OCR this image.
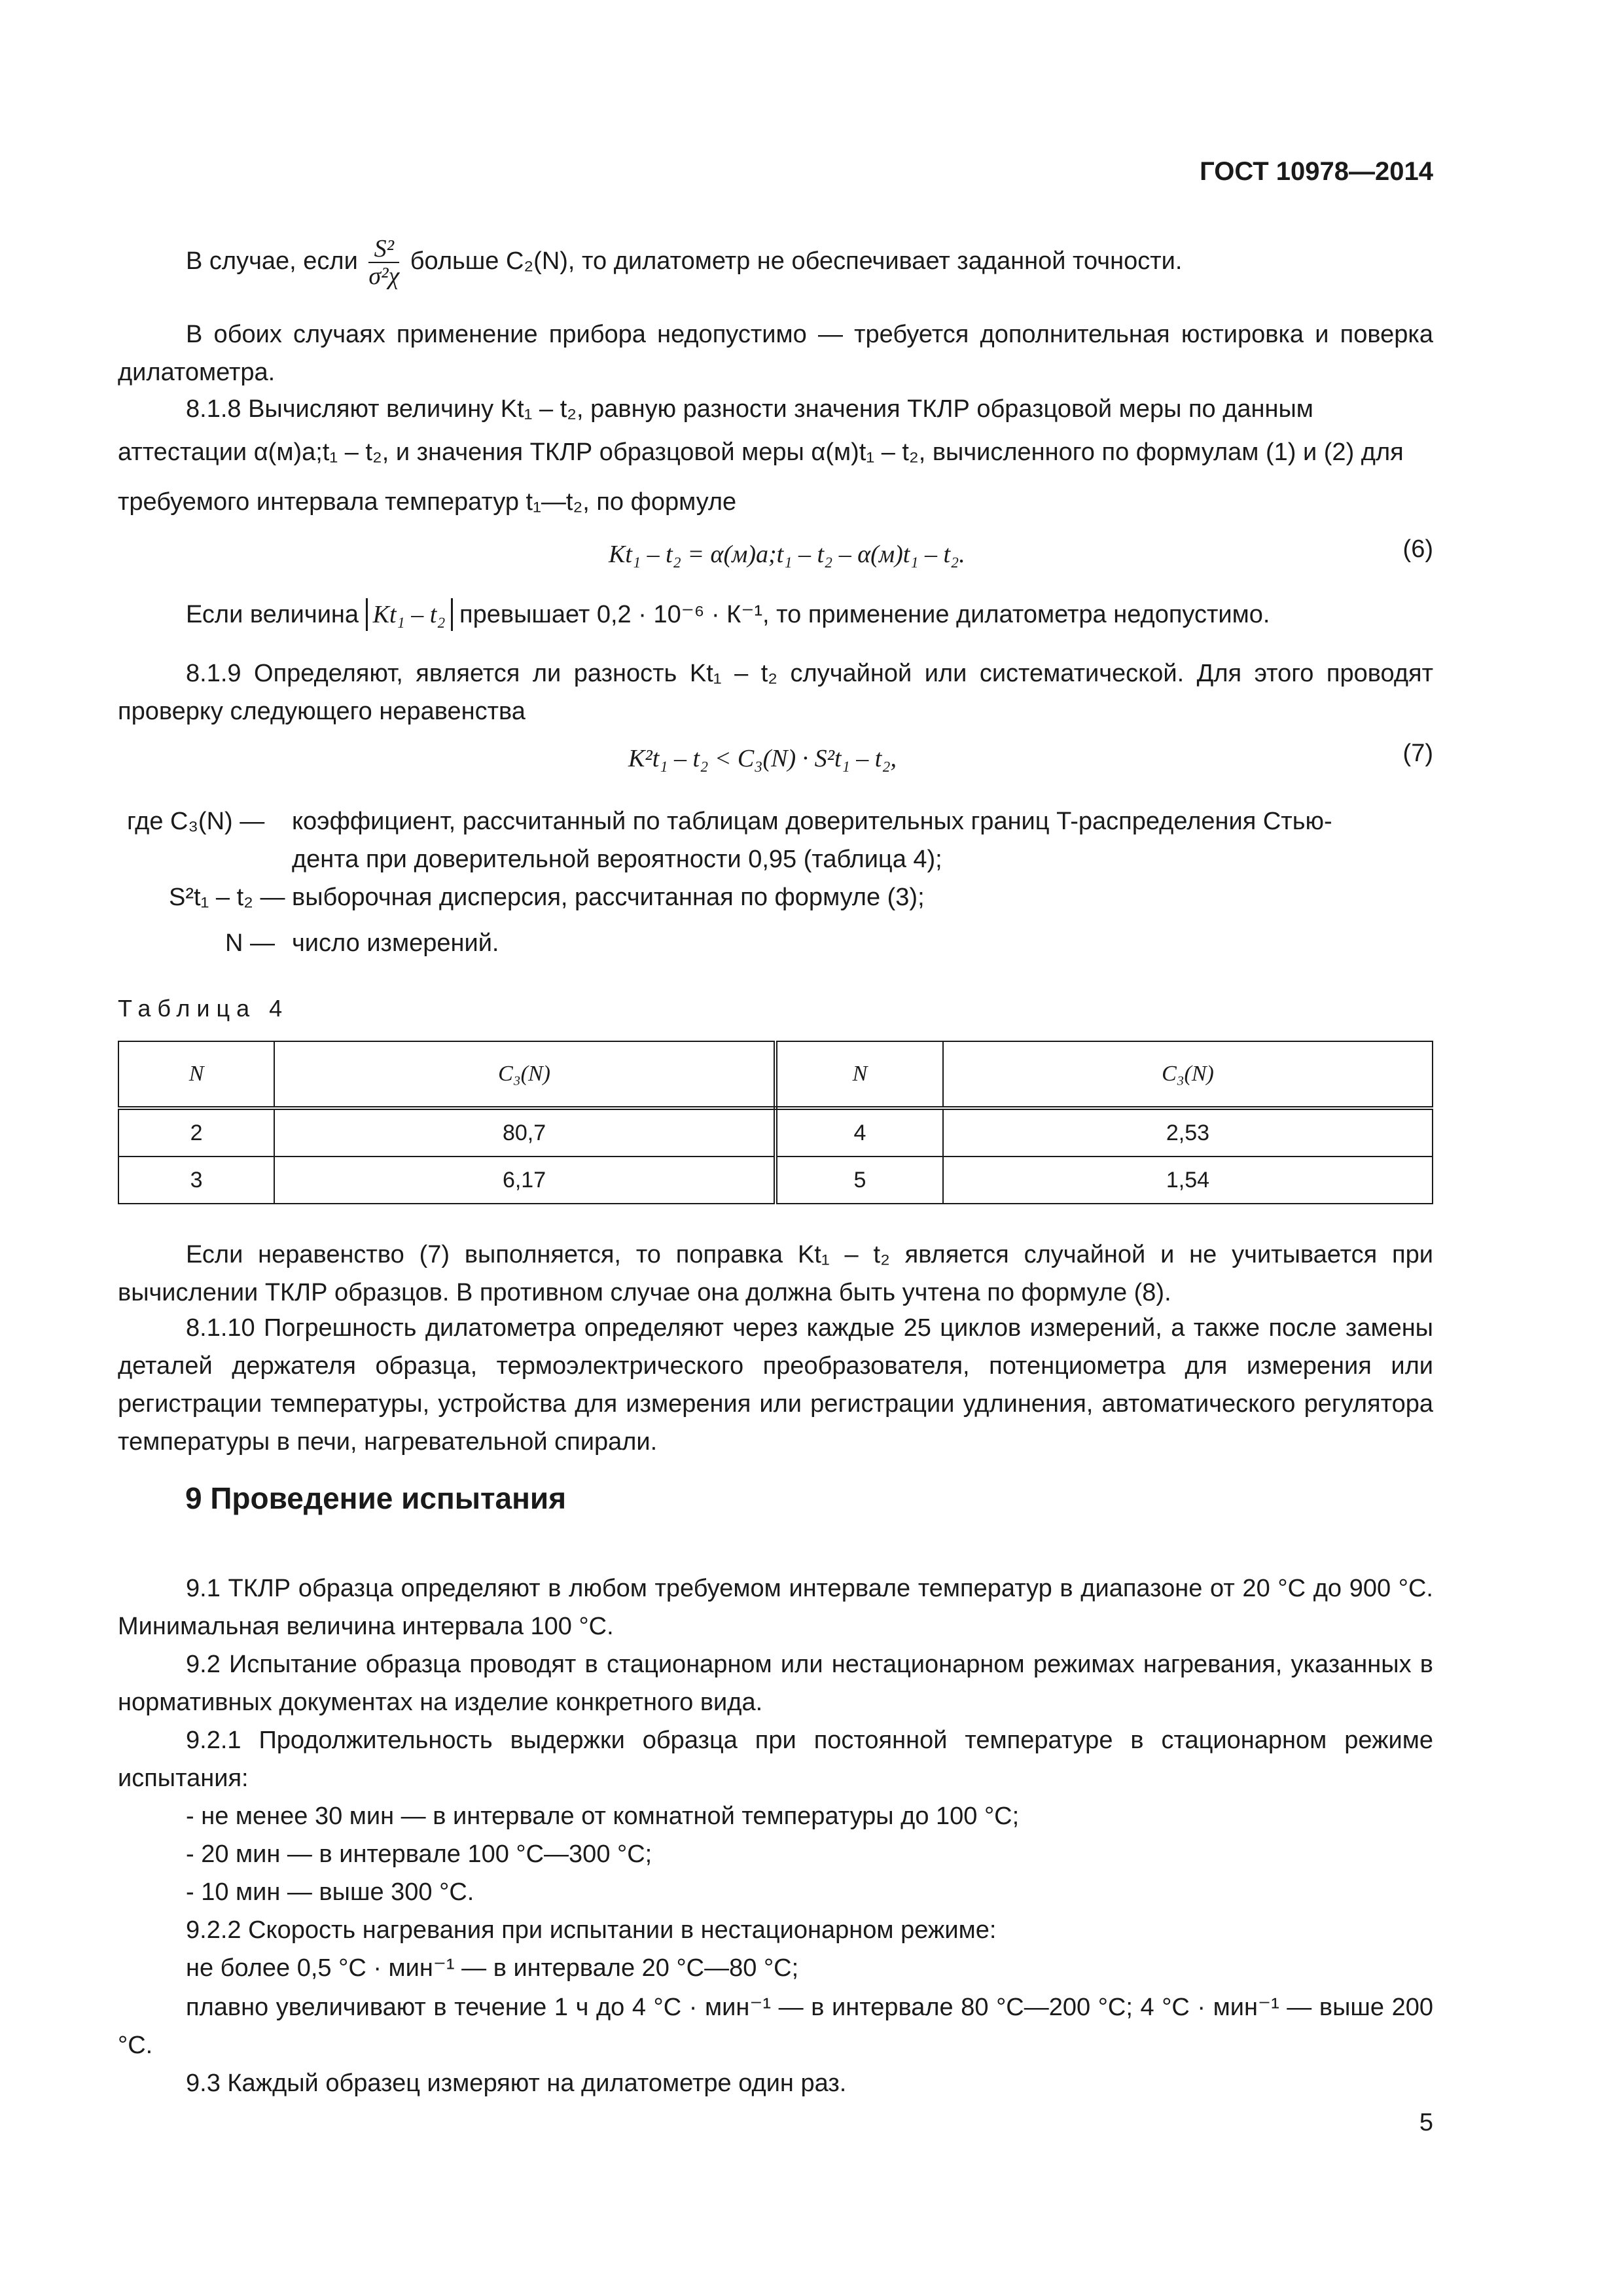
ГОСТ 10978—2014
В случае, если $\frac{\text{S²}}{\text{σ²χ}}$ больше C₂(N), то дилатометр не обеспечивает заданной точности.
В обоих случаях применение прибора недопустимо — требуется дополнительная юстировка и поверка дилатометра.
8.1.8 Вычисляют величину Kt₁ – t₂, равную разности значения ТКЛР образцовой меры по данным
аттестации α(м)a;t₁ – t₂, и значения ТКЛР образцовой меры α(м)t₁ – t₂, вычисленного по формулам (1) и (2) для
требуемого интервала температур t₁—t₂, по формуле
Kt₁ – t₂ = α(м)a;t₁ – t₂ – α(м)t₁ – t₂.	(6)
Если величина Kt₁ – t₂ превышает 0,2 · 10⁻⁶ · К⁻¹, то применение дилатометра недопустимо.
8.1.9 Определяют, является ли разность Kt₁ – t₂ случайной или систематической. Для этого проводят проверку следующего неравенства
K²t₁ – t₂ < C₃(N) · S²t₁ – t₂,	(7)
где C₃(N) — коэффициент, рассчитанный по таблицам доверительных границ T-распределения Стью-
дента при доверительной вероятности 0,95 (таблица 4);
S²t₁ – t₂ — выборочная дисперсия, рассчитанная по формуле (3);
N — число измерений.
Таблица 4
N	C₃(N)	N	C₃(N)
2	80,7	4	2,53
3	6,17	5	1,54
Если неравенство (7) выполняется, то поправка Kt₁ – t₂ является случайной и не учитывается при вычислении ТКЛР образцов. В противном случае она должна быть учтена по формуле (8).
8.1.10 Погрешность дилатометра определяют через каждые 25 циклов измерений, а также после замены деталей держателя образца, термоэлектрического преобразователя, потенциометра для измерения или регистрации температуры, устройства для измерения или регистрации удлинения, автоматического регулятора температуры в печи, нагревательной спирали.
9 Проведение испытания
9.1 ТКЛР образца определяют в любом требуемом интервале температур в диапазоне от 20 °С до 900 °С. Минимальная величина интервала 100 °С.
9.2 Испытание образца проводят в стационарном или нестационарном режимах нагревания, указанных в нормативных документах на изделие конкретного вида.
9.2.1 Продолжительность выдержки образца при постоянной температуре в стационарном режиме испытания:
- не менее 30 мин — в интервале от комнатной температуры до 100 °С;
- 20 мин — в интервале 100 °С—300 °С;
- 10 мин — выше 300 °С.
9.2.2 Скорость нагревания при испытании в нестационарном режиме:
не более 0,5 °С · мин⁻¹ — в интервале 20 °С—80 °С;
плавно увеличивают в течение 1 ч до 4 °С · мин⁻¹ — в интервале 80 °С—200 °С; 4 °С · мин⁻¹ — выше 200 °С.
9.3 Каждый образец измеряют на дилатометре один раз.
5
